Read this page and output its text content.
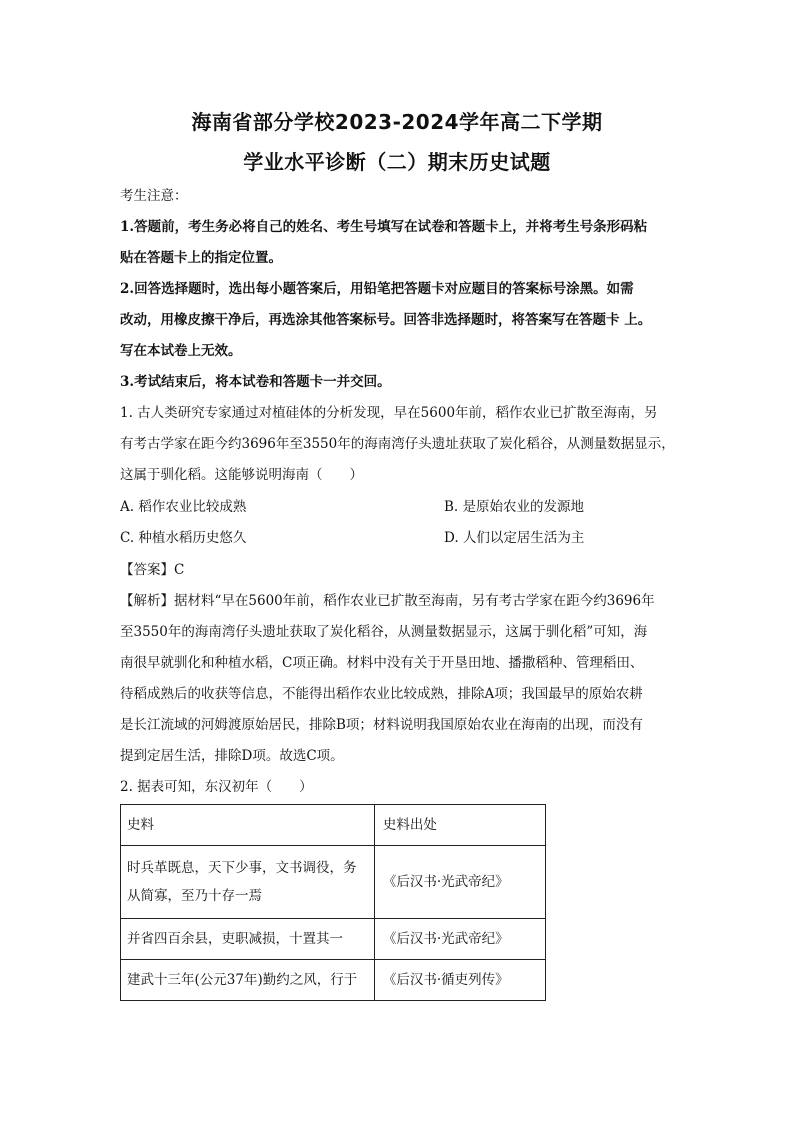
海南省部分学校2023-2024学年高二下学期
学业水平诊断（二）期末历史试题
考生注意：
1.答题前，考生务必将自己的姓名、考生号填写在试卷和答题卡上，并将考生号条形码粘
贴在答题卡上的指定位置。
2.回答选择题时，选出每小题答案后，用铅笔把答题卡对应题目的答案标号涂黑。如需
改动，用橡皮擦干净后，再选涂其他答案标号。回答非选择题时，将答案写在答题卡 上。
写在本试卷上无效。
3.考试结束后，将本试卷和答题卡一并交回。
1. 古人类研究专家通过对植硅体的分析发现，早在5600年前，稻作农业已扩散至海南，另
有考古学家在距今约3696年至3550年的海南湾仔头遗址获取了炭化稻谷，从测量数据显示，
这属于驯化稻。这能够说明海南（　　）
A. 稻作农业比较成熟	B. 是原始农业的发源地
C. 种植水稻历史悠久	D. 人们以定居生活为主
【答案】C
【解析】据材料“早在5600年前，稻作农业已扩散至海南，另有考古学家在距今约3696年
至3550年的海南湾仔头遗址获取了炭化稻谷，从测量数据显示，这属于驯化稻”可知，海
南很早就驯化和种植水稻，C项正确。材料中没有关于开垦田地、播撒稻种、管理稻田、
待稻成熟后的收获等信息，不能得出稻作农业比较成熟，排除A项；我国最早的原始农耕
是长江流域的河姆渡原始居民，排除B项；材料说明我国原始农业在海南的出现，而没有
提到定居生活，排除D项。故选C项。
2. 据表可知，东汉初年（　　）
史料	史料出处

时兵革既息，天下少事，文书调役，务
从简寡，至乃十存一焉	《后汉书·光武帝纪》

并省四百余县，吏职减损，十置其一	《后汉书·光武帝纪》

建武十三年(公元37年)勤约之风，行于	《后汉书·循吏列传》
